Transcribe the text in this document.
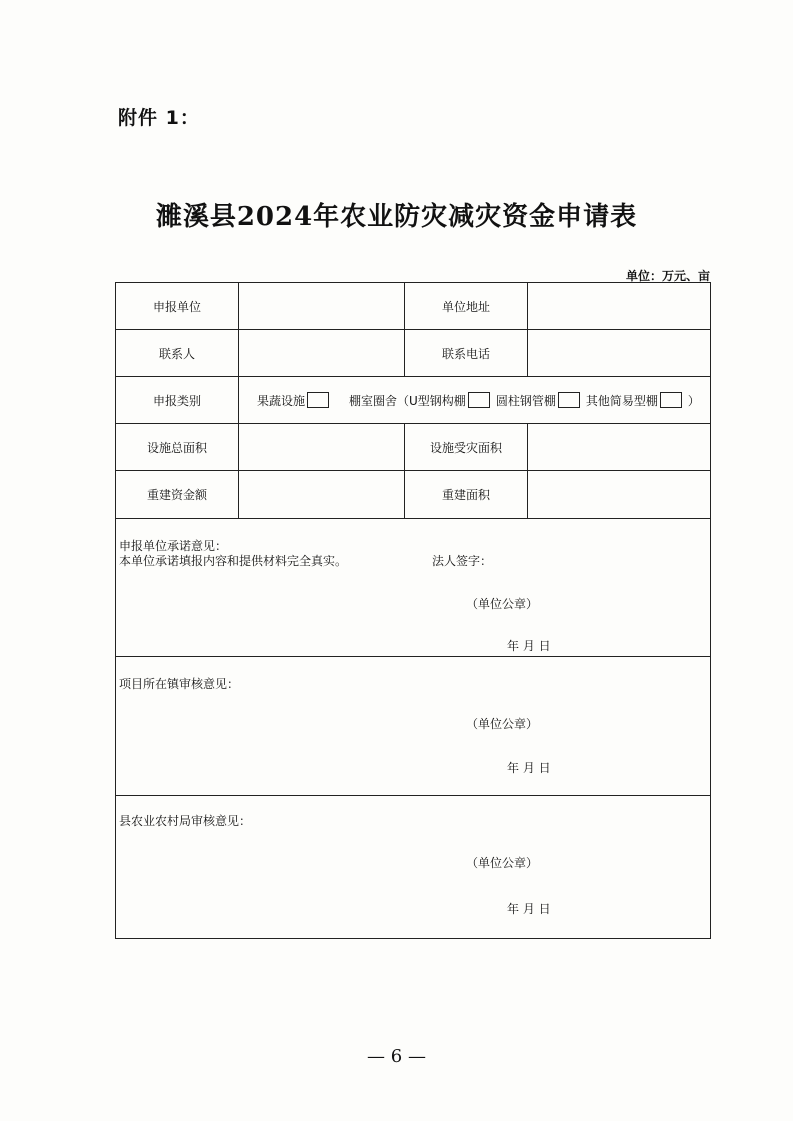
附件 1：
濉溪县2024年农业防灾减灾资金申请表
单位：万元、亩
申报单位	单位地址
联系人	联系电话
申报类别	果蔬设施	棚室圈舍（U型钢构棚	圆柱钢管棚	其他简易型棚	）
设施总面积	设施受灾面积
重建资金额	重建面积
申报单位承诺意见：
本单位承诺填报内容和提供材料完全真实。	法人签字：
（单位公章）
年 月 日
项目所在镇审核意见：
（单位公章）
年 月 日
县农业农村局审核意见：
（单位公章）
年 月 日
— 6 —
